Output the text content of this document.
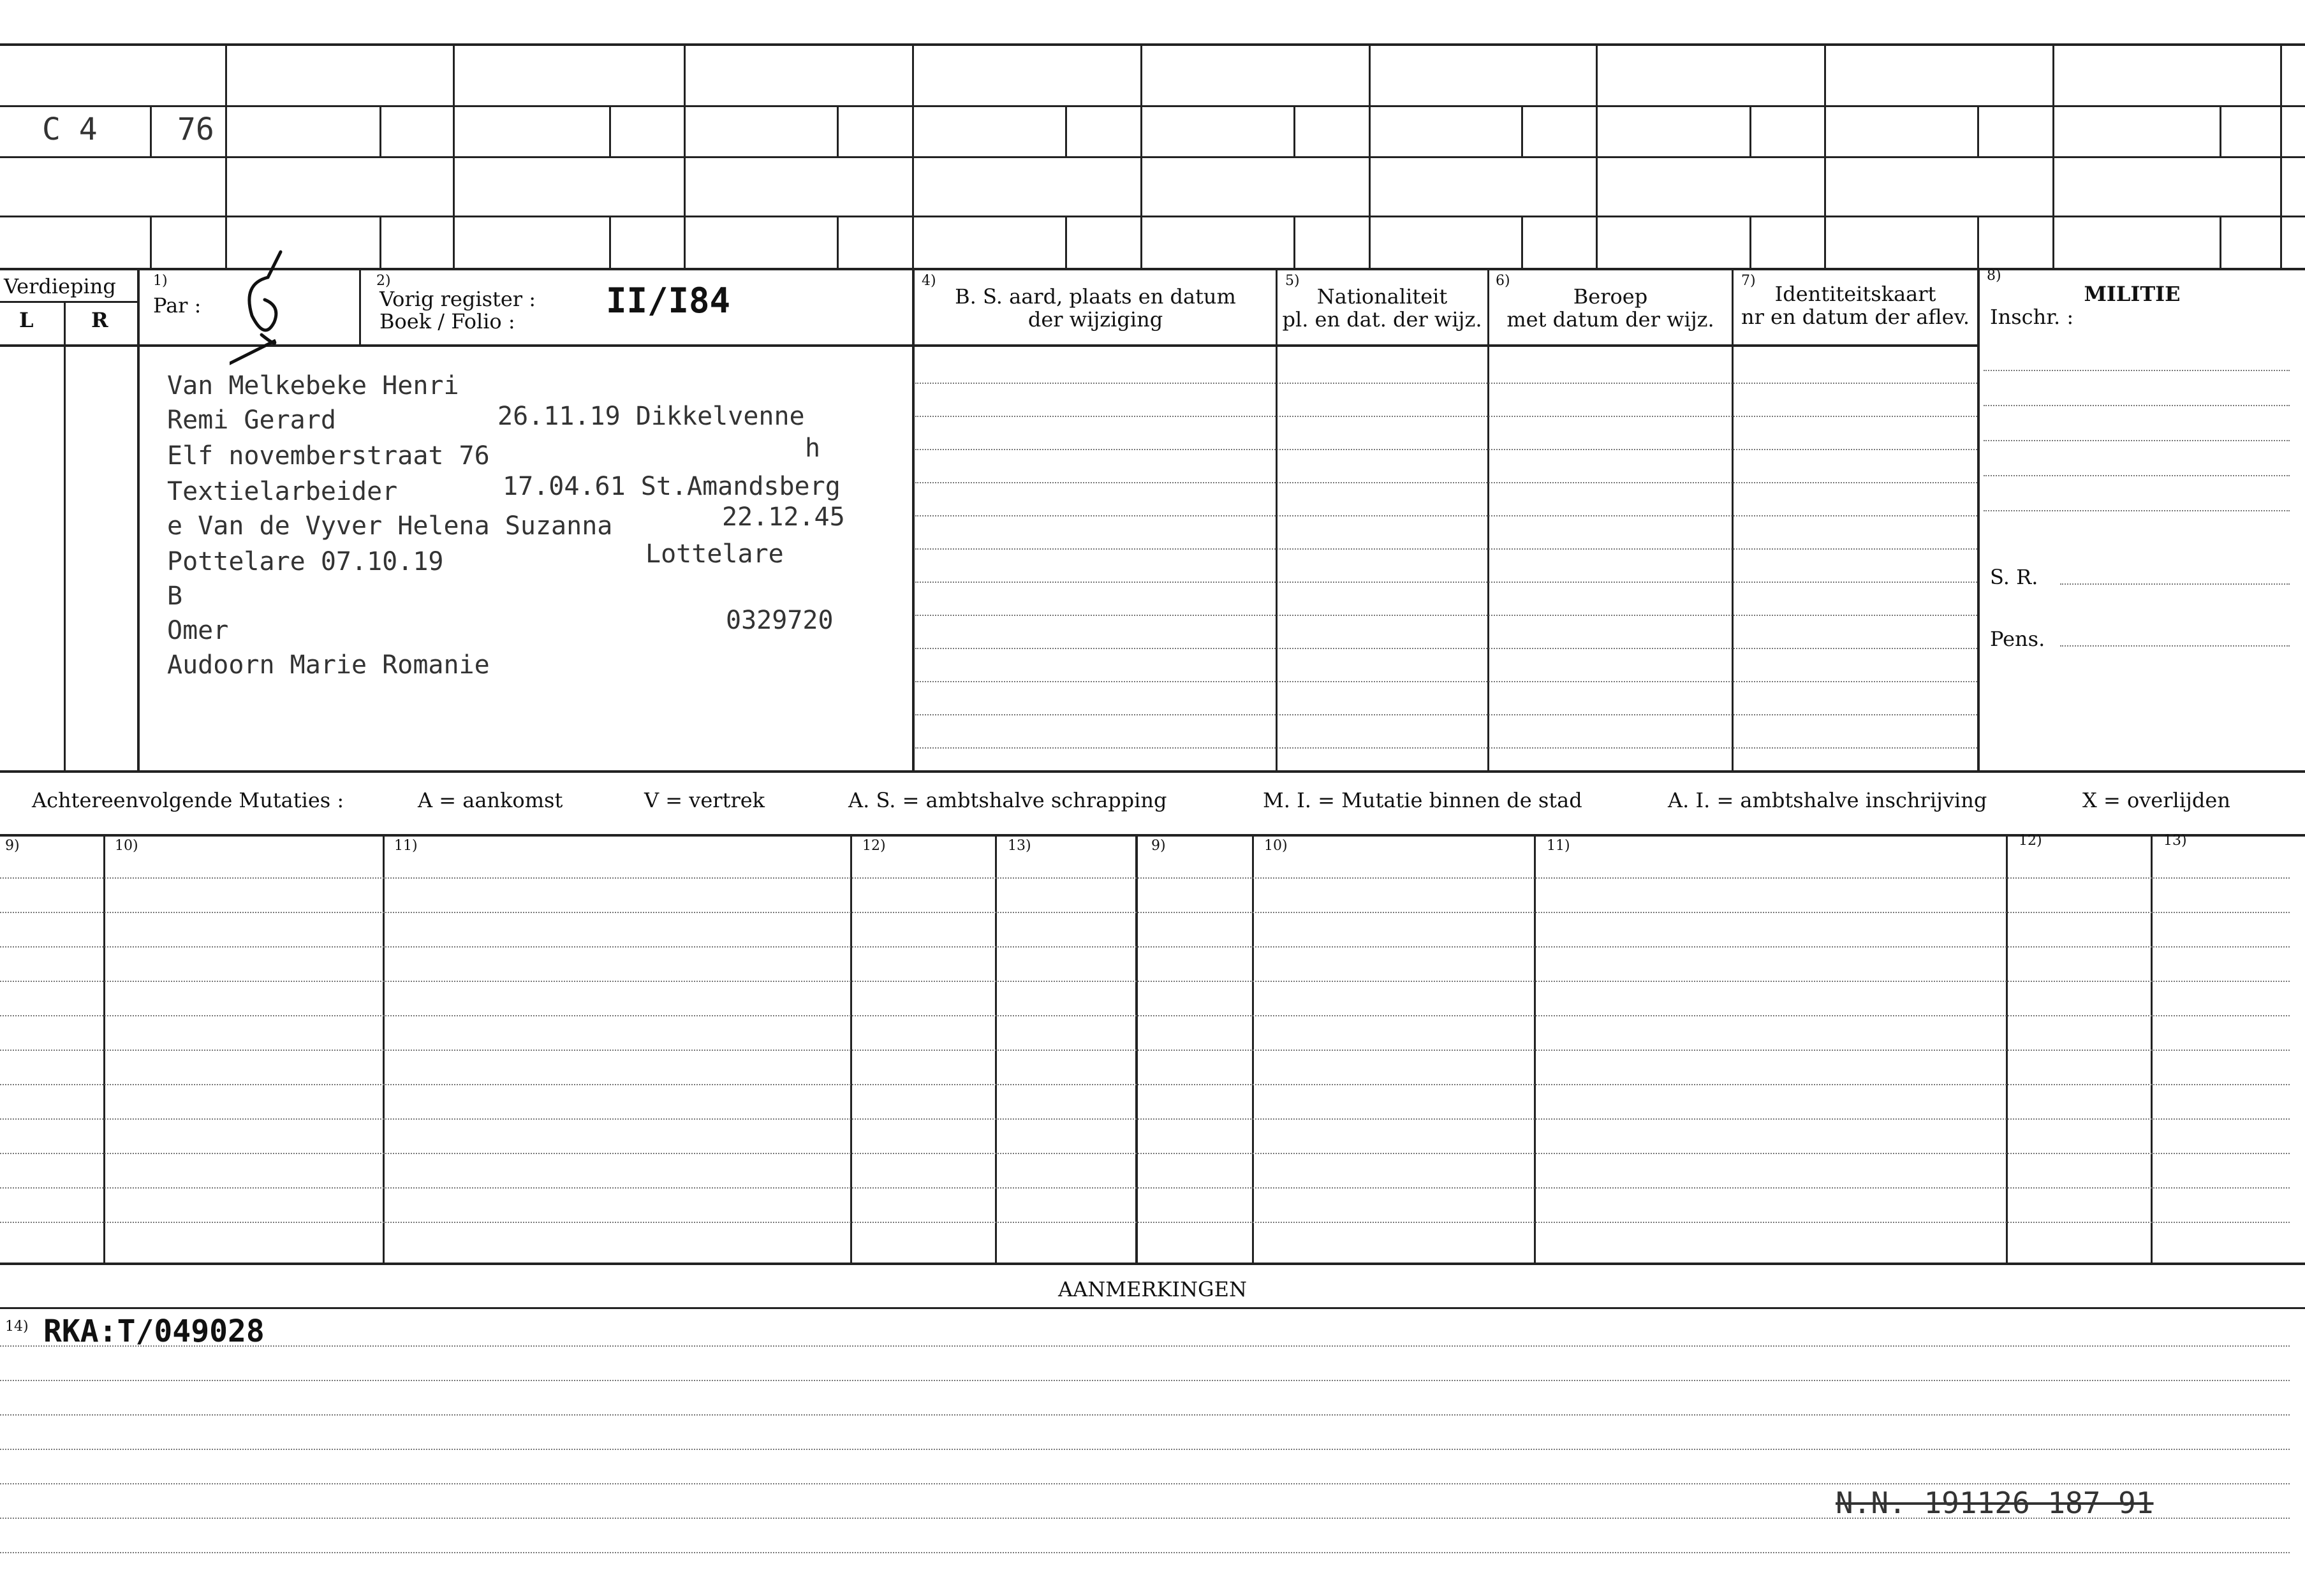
C 4	76
Verdieping
L	R
1)
Par :
2)
Vorig register :
Boek / Folio :
II/I84	4)
B. S. aard, plaats en datum
der wijziging
5)
Nationaliteit
pl. en dat. der wijz.
6)
Beroep
met datum der wijz.
7)
Identiteitskaart
nr en datum der aflev.
8)
MILITIE
Inschr. :
S. R.
Pens.
Van Melkebeke Henri
Remi Gerard	26.11.19 Dikkelvenne
Elf novemberstraat 76	h
Textielarbeider	17.04.61 St.Amandsberg
e Van de Vyver Helena Suzanna	22.12.45
Pottelare 07.10.19	Lottelare
B
Omer	0329720
Audoorn Marie Romanie
Achtereenvolgende Mutaties :	A = aankomst	V = vertrek	A. S. = ambtshalve schrapping	M. I. = Mutatie binnen de stad	A. I. = ambtshalve inschrijving	X = overlijden
9)	10)	11)	12)	13)	9)	10)	11)	12)	13)
AANMERKINGEN
14) RKA:T/049028
N.N. 191126 187 91
